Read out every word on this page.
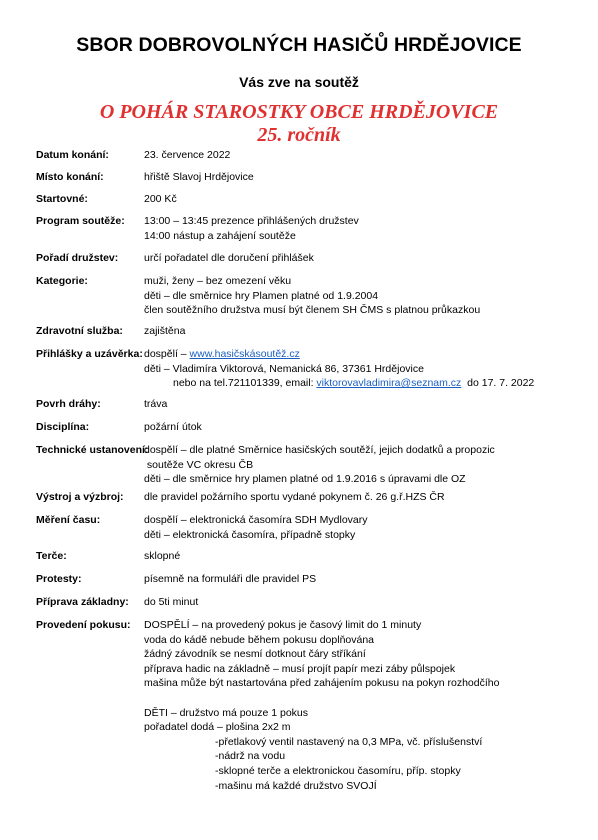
SBOR DOBROVOLNÝCH HASIČŮ HRDĚJOVICE
Vás zve na soutěž
O POHÁR STAROSTKY OBCE HRDĚJOVICE
25. ročník
Datum konání:	23. července 2022
Místo konání:	hřiště Slavoj Hrdějovice
Startovné:	200 Kč
Program soutěže: 13:00 – 13:45 prezence přihlášených družstev
14:00 nástup a zahájení soutěže
Pořadí družstev: určí pořadatel dle doručení přihlášek
Kategorie:	muži, ženy – bez omezení věku
děti – dle směrnice hry Plamen platné od 1.9.2004
člen soutěžního družstva musí být členem SH ČMS s platnou průkazkou
Zdravotní služba: zajištěna
Přihlášky a uzávěrka: dospělí – www.hasičskásoutěž.cz
děti – Vladimíra Viktorová, Nemanická 86, 37361 Hrdějovice
nebo na tel.721101339, email: viktorovavladimira@seznam.cz  do 17. 7. 2022
Povrh dráhy:	tráva
Disciplína:	požární útok
Technické ustanovení:
dospělí – dle platné Směrnice hasičských soutěží, jejich dodatků a propozic
soutěže VC okresu ČB
děti – dle směrnice hry plamen platné od 1.9.2016 s úpravami dle OZ
Výstroj a výzbroj: dle pravidel požárního sportu vydané pokynem č. 26 g.ř.HZS ČR
Měření času:	dospělí – elektronická časomíra SDH Mydlovary
děti – elektronická časomíra, případně stopky
Terče:	sklopné
Protesty:	písemně na formuláři dle pravidel PS
Příprava základny: do 5ti minut
Provedení pokusu: DOSPĚLÍ – na provedený pokus je časový limit do 1 minuty
voda do kádě nebude během pokusu doplňována
žádný závodník se nesmí dotknout čáry stříkání
příprava hadic na základně – musí projít papír mezi záby půlspojek
mašina může být nastartována před zahájením pokusu na pokyn rozhodčího
DĚTI – družstvo má pouze 1 pokus
pořadatel dodá – plošina 2x2 m
-přetlakový ventil nastavený na 0,3 MPa, vč. příslušenství
-nádrž na vodu
-sklopné terče a elektronickou časomíru, příp. stopky
-mašinu má každé družstvo SVOJÍ
